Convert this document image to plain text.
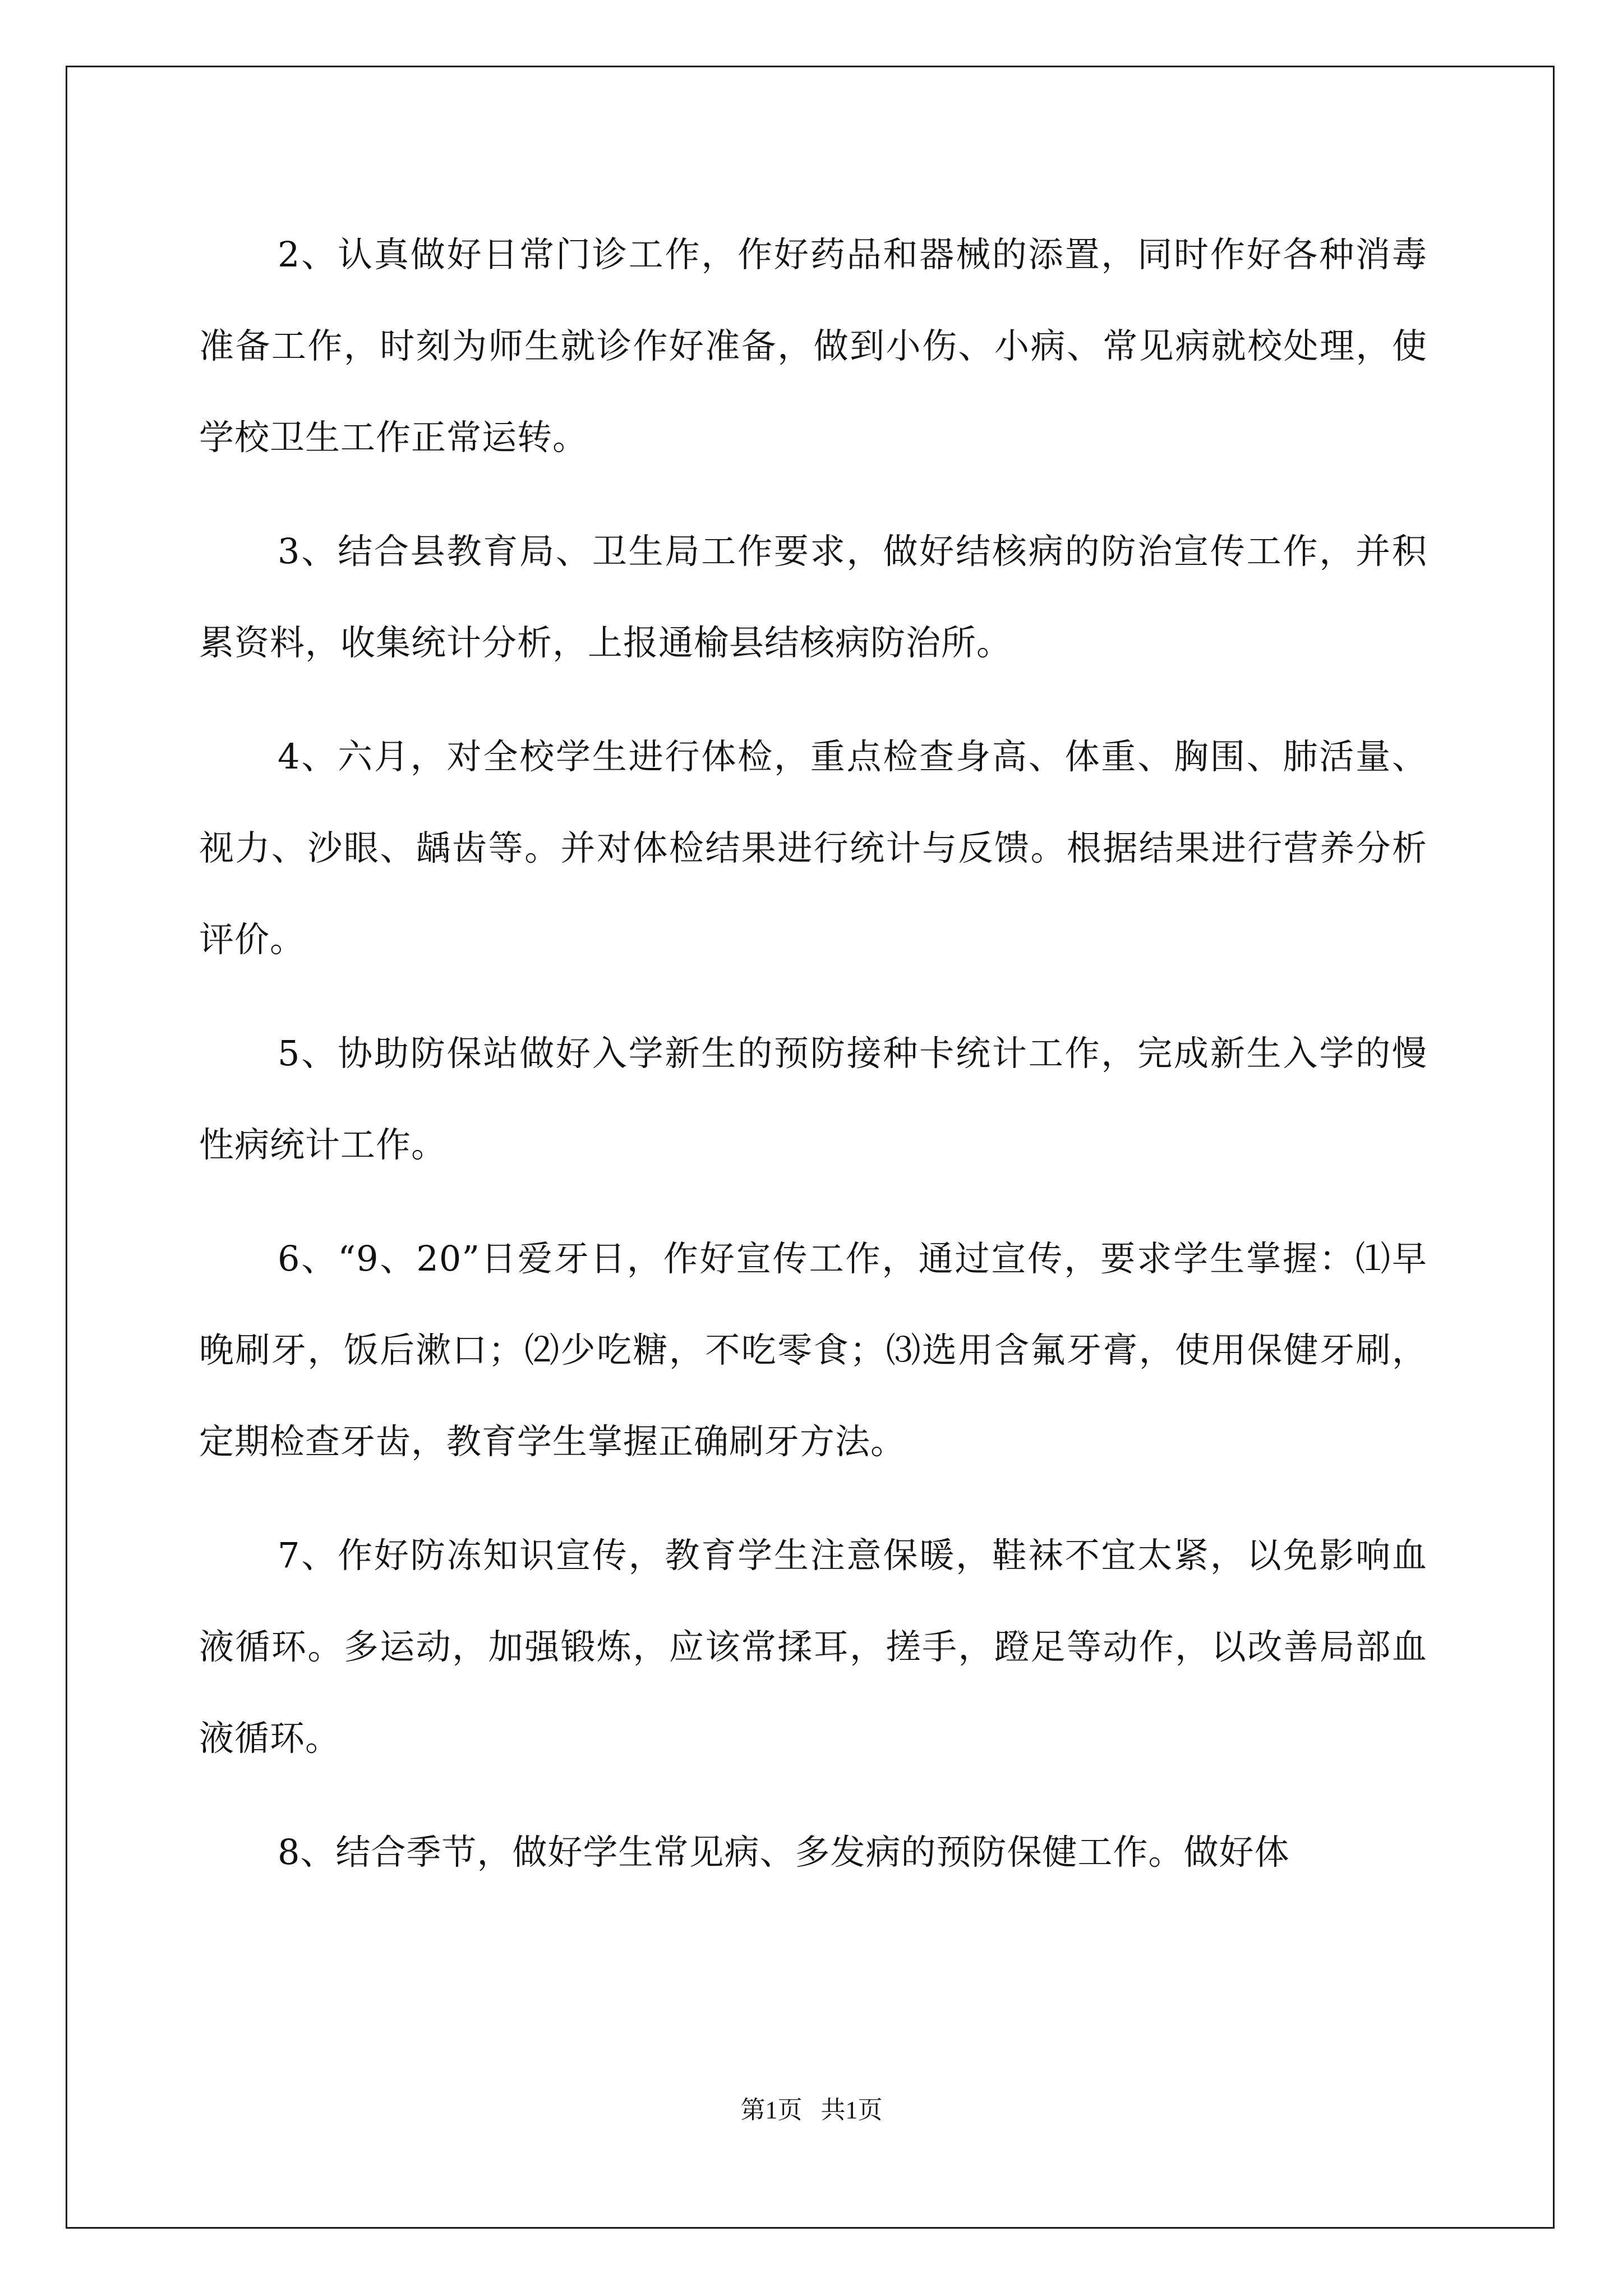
2、认真做好日常门诊工作，作好药品和器械的添置，同时作好各种消毒准备工作，时刻为师生就诊作好准备，做到小伤、小病、常见病就校处理，使学校卫生工作正常运转。

3、结合县教育局、卫生局工作要求，做好结核病的防治宣传工作，并积累资料，收集统计分析，上报通榆县结核病防治所。

4、六月，对全校学生进行体检，重点检查身高、体重、胸围、肺活量、视力、沙眼、龋齿等。并对体检结果进行统计与反馈。根据结果进行营养分析评价。

5、协助防保站做好入学新生的预防接种卡统计工作，完成新生入学的慢性病统计工作。

6、“9、20”日爱牙日，作好宣传工作，通过宣传，要求学生掌握：⑴早晚刷牙，饭后漱口；⑵少吃糖，不吃零食；⑶选用含氟牙膏，使用保健牙刷，定期检查牙齿，教育学生掌握正确刷牙方法。

7、作好防冻知识宣传，教育学生注意保暖，鞋袜不宜太紧，以免影响血液循环。多运动，加强锻炼，应该常揉耳，搓手，蹬足等动作，以改善局部血液循环。

8、结合季节，做好学生常见病、多发病的预防保健工作。做好体

第1页   共1页
